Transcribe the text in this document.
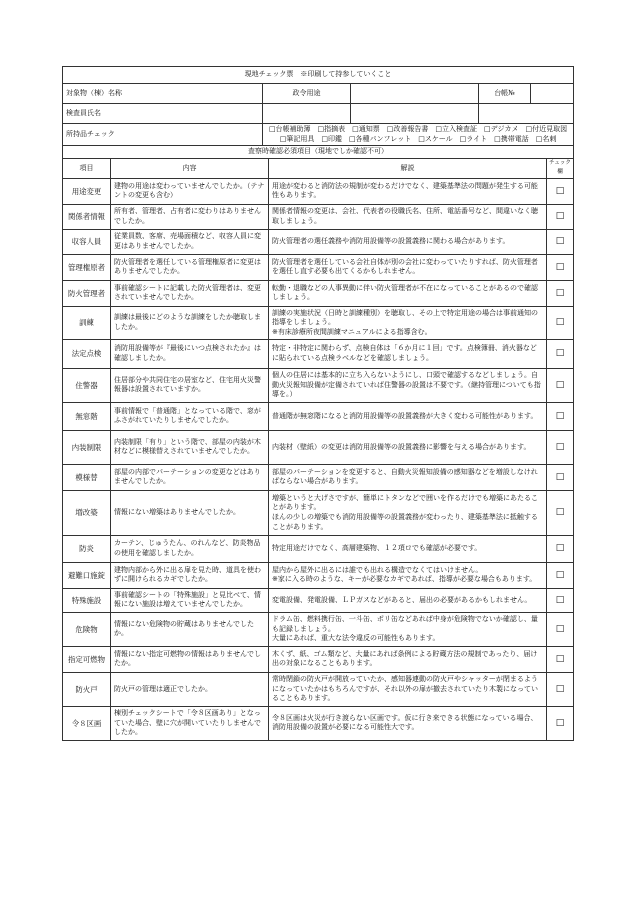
現地チェック票　※印刷して持参していくこと				
対象物（棟）名称	政令用途		台帳№	
検査員氏名				
所持品チェック	□台帳補助簿　□指摘表　□通知票　□改善報告書　□立入検査証　□デジカメ　□付近見取図
□筆記用具　□印鑑　□各種パンフレット　□スケール　□ライト　□携帯電話　□名刺			

査察時確認必須項目（現地でしか確認不可）				
項目	内容	解説	チェック欄
用途変更	建物の用途は変わっていませんでしたか。（テナントの変更も含む）	用途が変わると消防法の規制が変わるだけでなく、建築基準法の問題が発生する可能性もあります。	□
関係者情報	所有者、管理者、占有者に変わりはありませんでしたか。	関係者情報の変更は、会社、代表者の役職氏名、住所、電話番号など、間違いなく聴取しましょう。	□
収容人員	従業員数、客席、売場面積など、収容人員に変更はありませんでしたか。	防火管理者の選任義務や消防用設備等の設置義務に関わる場合があります。	□
管理権原者	防火管理者を選任している管理権原者に変更はありませんでしたか。	防火管理者を選任している会社自体が別の会社に変わっていたりすれば、防火管理者を選任し直す必要も出てくるかもしれません。	□
防火管理者	事前確認シートに記載した防火管理者は、変更されていませんでしたか。	転勤・退職などの人事異動に伴い防火管理者が不在になっていることがあるので確認しましょう。	□
訓練	訓練は最後にどのような訓練をしたか聴取しましたか。	訓練の実施状況（日時と訓練種別）を聴取し、その上で特定用途の場合は事前通知の指導をしましょう。
※有床診療所夜間訓練マニュアルによる指導含む。	□
法定点検	消防用設備等が『最後にいつ点検されたか』は確認しましたか。	特定・非特定に関わらず、点検自体は「６か月に１回」です。点検簿冊、消火器などに貼られている点検ラベルなどを確認しましょう。	□
住警器	住居部分や共同住宅の居室など、住宅用火災警報器は設置されていますか。	個人の住居には基本的に立ち入らないようにし、口頭で確認するなどしましょう。自動火災報知設備が定備されていれば住警器の設置は不要です。（継持管理についても指導を。）	□
無窓階	事前情報で「普通階」となっている階で、窓がふさがれていたりしませんでしたか。	普通階が無窓階になると消防用設備等の設置義務が大きく変わる可能性があります。	□
内装制限	内装制限「有り」という階で、部屋の内装が木材などに模様替えされていませんでしたか。	内装材（壁紙）の変更は消防用設備等の設置義務に影響を与える場合があります。	□
模様替	部屋の内部でパーテーションの変更などはありませんでしたか。	部屋のパーテーションを変更すると、自動火災報知設備の感知器などを増設しなければならない場合があります。	□
増改築	情報にない増築はありませんでしたか。	増築というと大げさですが、簡単にトタンなどで囲いを作るだけでも増築にあたることがあります。
ほんの少しの増築でも消防用設備等の設置義務が変わったり、建築基準法に抵触することがあります。	□
防炎	カーテン、じゅうたん、のれんなど、防炎物品の使用を確認しましたか。	特定用途だけでなく、高層建築物、１２項ロでも確認が必要です。	□
避難口施錠	建物内部から外に出る扉を見た時、道具を使わずに開けられるカギでしたか。	屋内から屋外に出るには誰でも出れる構造でなくてはいけません。
※家に入る時のような、キーが必要なカギであれば、指導が必要な場合もあります。	□
特殊施設	事前確認シートの「特殊施設」と見比べて、情報にない施設は増えていませんでしたか。	変電設備、発電設備、ＬＰガスなどがあると、届出の必要があるかもしれません。	□
危険物	情報にない危険物の貯蔵はありませんでしたか。	ドラム缶、燃料携行缶、一斗缶、ポリ缶などあれば中身が危険物でないか確認し、量も記録しましょう。
大量にあれば、重大な法令違反の可能性もあります。	□
指定可燃物	情報にない指定可燃物の情報はありませんでしたか。	木くず、紙、ゴム類など、大量にあれば条例による貯蔵方法の規制であったり、届け出の対象になることもあります。	□
防火戸	防火戸の管理は適正でしたか。	常時閉鎖の防火戸が開放っていたか、感知器連動の防火戸やシャッターが閉まるようになっていたかはもちろんですが、それ以外の扉が撤去されていたり木製になっていることもあります。	□
令８区画	棟別チェックシートで「令８区画あり」となっていた場合、壁に穴が開いていたりしませんでしたか。	令８区画は火災が行き渡らない区画です。仮に行き来できる状態になっている場合、消防用設備の設置が必要になる可能性大です。	□
